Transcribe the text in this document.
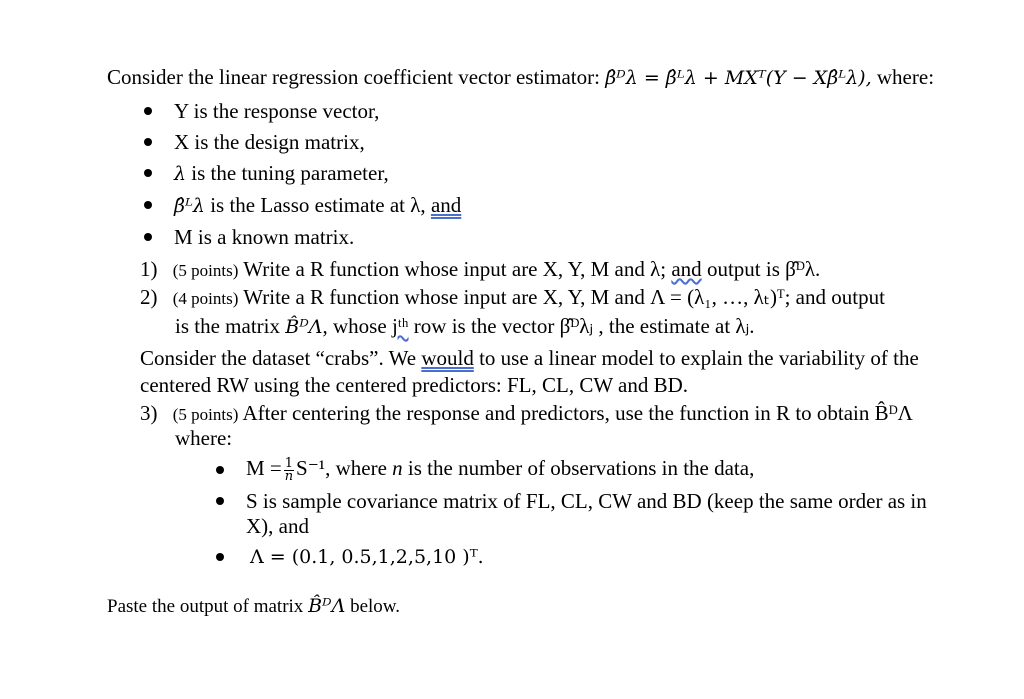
Consider the linear regression coefficient vector estimator: β̂ᴰλ = β̂ᴸλ + MXᵀ(Y − Xβ̂ᴸλ), where:
Y is the response vector,
X is the design matrix,
λ is the tuning parameter,
β̂ᴸλ is the Lasso estimate at λ, and
M is a known matrix.
1) (5 points) Write a R function whose input are X, Y, M and λ; and output is β̂ᴰλ.
2) (4 points) Write a R function whose input are X, Y, M and Λ = (λ₁, …, λₜ)ᵀ; and output
is the matrix B̂ᴰΛ, whose jᵗʰ row is the vector β̂ᴰλⱼ , the estimate at λⱼ.
Consider the dataset “crabs”. We would to use a linear model to explain the variability of the
centered RW using the centered predictors: FL, CL, CW and BD.
3) (5 points) After centering the response and predictors, use the function in R to obtain B̂ᴰΛ
where:
$M = \frac{1}{n} S^{-1}$, where n is the number of observations in the data,
S is sample covariance matrix of FL, CL, CW and BD (keep the same order as in
X), and
Λ = (0.1, 0.5,1,2,5,10 )ᵀ.
Paste the output of matrix B̂ᴰΛ below.
